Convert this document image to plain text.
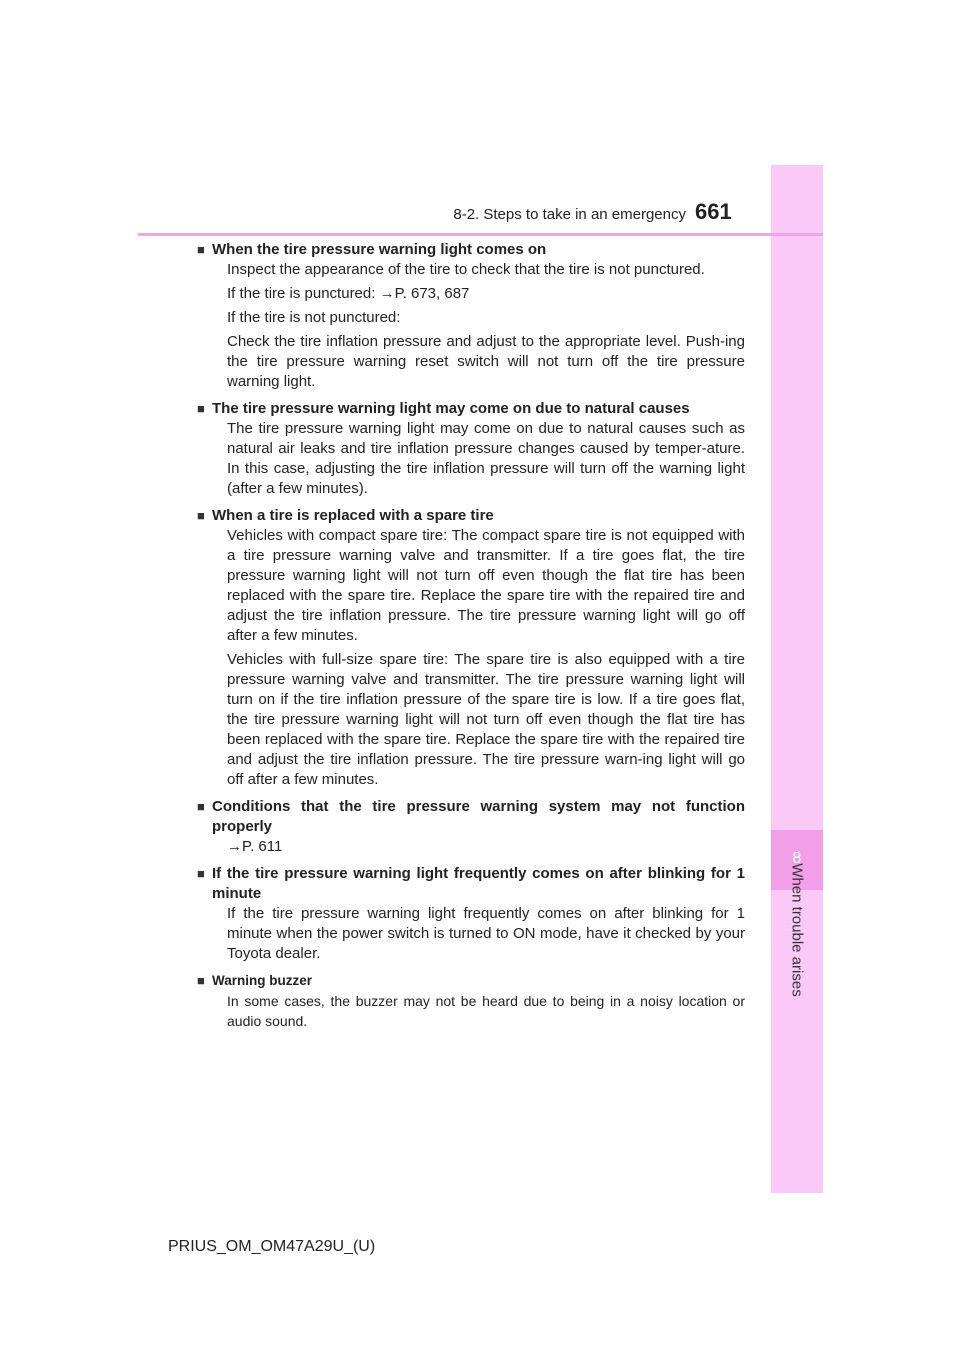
8
When trouble arises
8-2. Steps to take in an emergency 661

■ When the tire pressure warning light comes on

Inspect the appearance of the tire to check that the tire is not punctured.

If the tire is punctured: →P. 673, 687

If the tire is not punctured:

Check the tire inflation pressure and adjust to the appropriate level. Push-ing the tire pressure warning reset switch will not turn off the tire pressure warning light.

■ The tire pressure warning light may come on due to natural causes

The tire pressure warning light may come on due to natural causes such as natural air leaks and tire inflation pressure changes caused by temper-ature. In this case, adjusting the tire inflation pressure will turn off the warning light (after a few minutes).

■ When a tire is replaced with a spare tire

Vehicles with compact spare tire: The compact spare tire is not equipped with a tire pressure warning valve and transmitter. If a tire goes flat, the tire pressure warning light will not turn off even though the flat tire has been replaced with the spare tire. Replace the spare tire with the repaired tire and adjust the tire inflation pressure. The tire pressure warning light will go off after a few minutes.

Vehicles with full-size spare tire: The spare tire is also equipped with a tire pressure warning valve and transmitter. The tire pressure warning light will turn on if the tire inflation pressure of the spare tire is low. If a tire goes flat, the tire pressure warning light will not turn off even though the flat tire has been replaced with the spare tire. Replace the spare tire with the repaired tire and adjust the tire inflation pressure. The tire pressure warn-ing light will go off after a few minutes.

■ Conditions that the tire pressure warning system may not function properly

→P. 611

■ If the tire pressure warning light frequently comes on after blinking for 1 minute

If the tire pressure warning light frequently comes on after blinking for 1 minute when the power switch is turned to ON mode, have it checked by your Toyota dealer.

■ Warning buzzer

In some cases, the buzzer may not be heard due to being in a noisy location or audio sound.

PRIUS_OM_OM47A29U_(U)
